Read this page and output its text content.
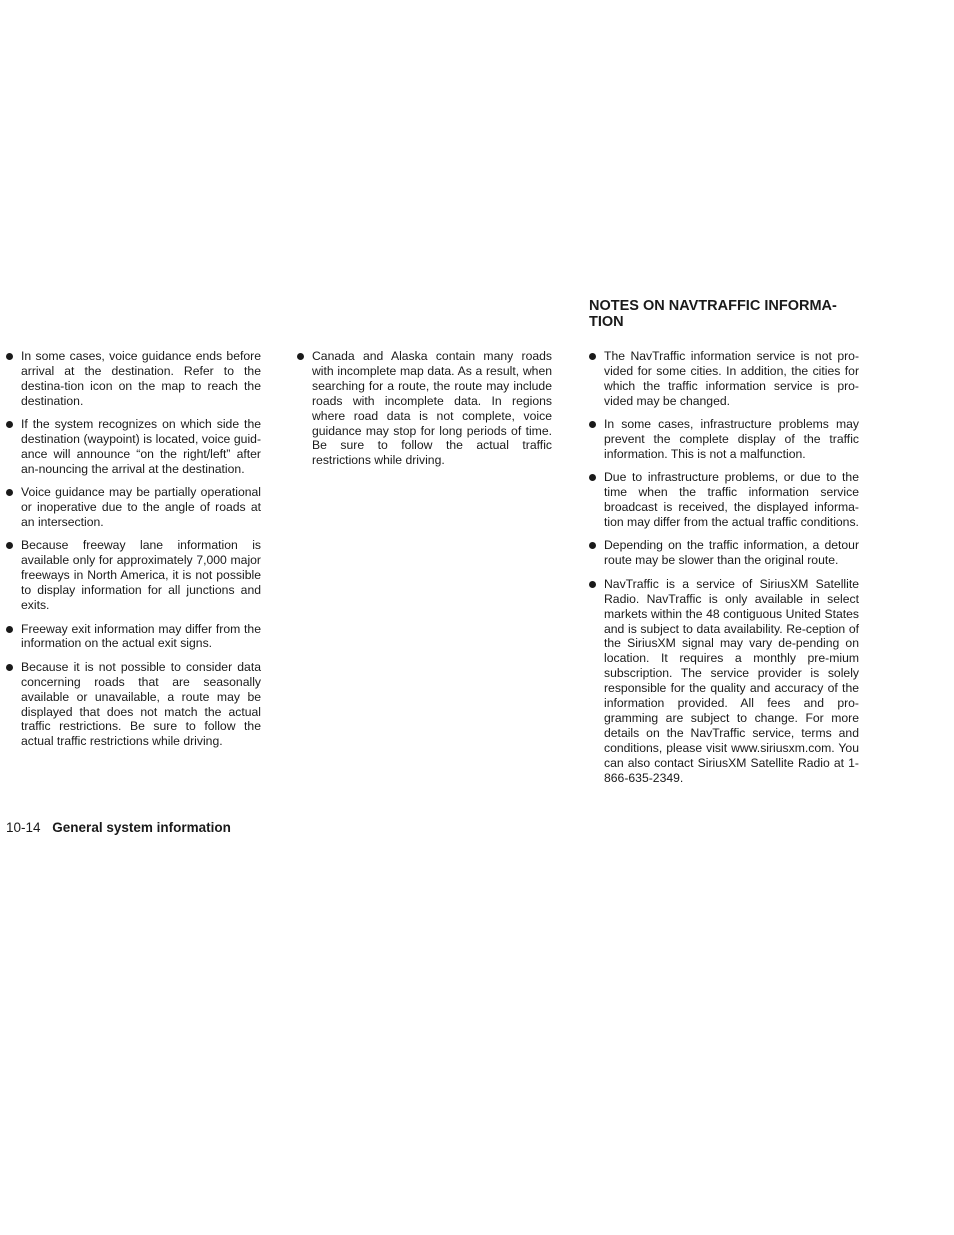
NOTES ON NAVTRAFFIC INFORMA-
TION
In some cases, voice guidance ends before arrival at the destination. Refer to the destina-tion icon on the map to reach the destination.
If the system recognizes on which side the destination (waypoint) is located, voice guid-ance will announce “on the right/left” after an-nouncing the arrival at the destination.
Voice guidance may be partially operational or inoperative due to the angle of roads at an intersection.
Because freeway lane information is available only for approximately 7,000 major freeways in North America, it is not possible to display information for all junctions and exits.
Freeway exit information may differ from the information on the actual exit signs.
Because it is not possible to consider data concerning roads that are seasonally available or unavailable, a route may be displayed that does not match the actual traffic restrictions. Be sure to follow the actual traffic restrictions while driving.
Canada and Alaska contain many roads with incomplete map data. As a result, when searching for a route, the route may include roads with incomplete data. In regions where road data is not complete, voice guidance may stop for long periods of time. Be sure to follow the actual traffic restrictions while driving.
The NavTraffic information service is not pro-vided for some cities. In addition, the cities for which the traffic information service is pro-vided may be changed.
In some cases, infrastructure problems may prevent the complete display of the traffic information. This is not a malfunction.
Due to infrastructure problems, or due to the time when the traffic information service broadcast is received, the displayed informa-tion may differ from the actual traffic conditions.
Depending on the traffic information, a detour route may be slower than the original route.
NavTraffic is a service of SiriusXM Satellite Radio. NavTraffic is only available in select markets within the 48 contiguous United States and is subject to data availability. Re-ception of the SiriusXM signal may vary de-pending on location. It requires a monthly pre-mium subscription. The service provider is solely responsible for the quality and accuracy of the information provided. All fees and pro-gramming are subject to change. For more details on the NavTraffic service, terms and conditions, please visit www.siriusxm.com. You can also contact SiriusXM Satellite Radio at 1-866-635-2349.
10-14 General system information
